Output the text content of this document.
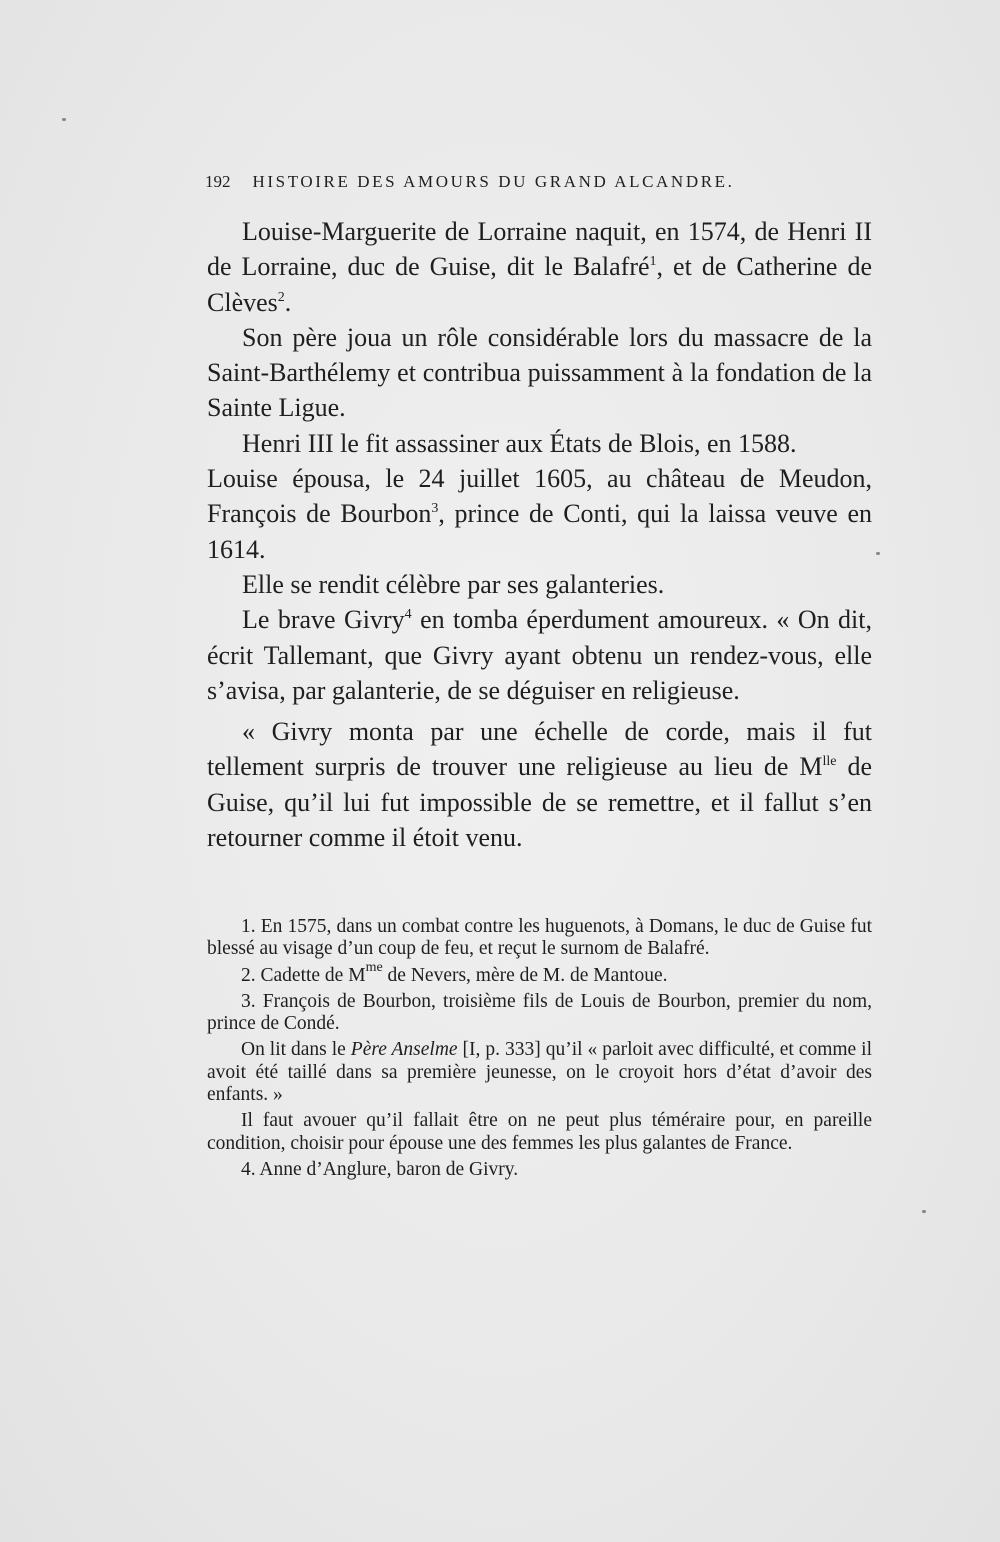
192 HISTOIRE DES AMOURS DU GRAND ALCANDRE.

Louise-Marguerite de Lorraine naquit, en 1574, de Henri II de Lorraine, duc de Guise, dit le Balafré$^1$, et de Catherine de Clèves$^2$.

Son père joua un rôle considérable lors du massacre de la Saint-Barthélemy et contribua puissamment à la fondation de la Sainte Ligue.

Henri III le fit assassiner aux États de Blois, en 1588.

Louise épousa, le 24 juillet 1605, au château de Meudon, François de Bourbon$^3$, prince de Conti, qui la laissa veuve en 1614.

Elle se rendit célèbre par ses galanteries.

Le brave Givry$^4$ en tomba éperdument amoureux. « On dit, écrit Tallemant, que Givry ayant obtenu un rendez-vous, elle s’avisa, par galanterie, de se déguiser en religieuse.

« Givry monta par une échelle de corde, mais il fut tellement surpris de trouver une religieuse au lieu de $M^{lle}$ de Guise, qu’il lui fut impossible de se remettre, et il fallut s’en retourner comme il étoit venu.

1. En 1575, dans un combat contre les huguenots, à Domans, le duc de Guise fut blessé au visage d’un coup de feu, et reçut le surnom de Balafré.

2. Cadette de $M^{me}$ de Nevers, mère de M. de Mantoue.

3. François de Bourbon, troisième fils de Louis de Bourbon, premier du nom, prince de Condé.

On lit dans le Père Anselme [I, p. 333] qu’il « parloit avec difficulté, et comme il avoit été taillé dans sa première jeunesse, on le croyoit hors d’état d’avoir des enfants. »

Il faut avouer qu’il fallait être on ne peut plus téméraire pour, en pareille condition, choisir pour épouse une des femmes les plus galantes de France.

4. Anne d’Anglure, baron de Givry.
